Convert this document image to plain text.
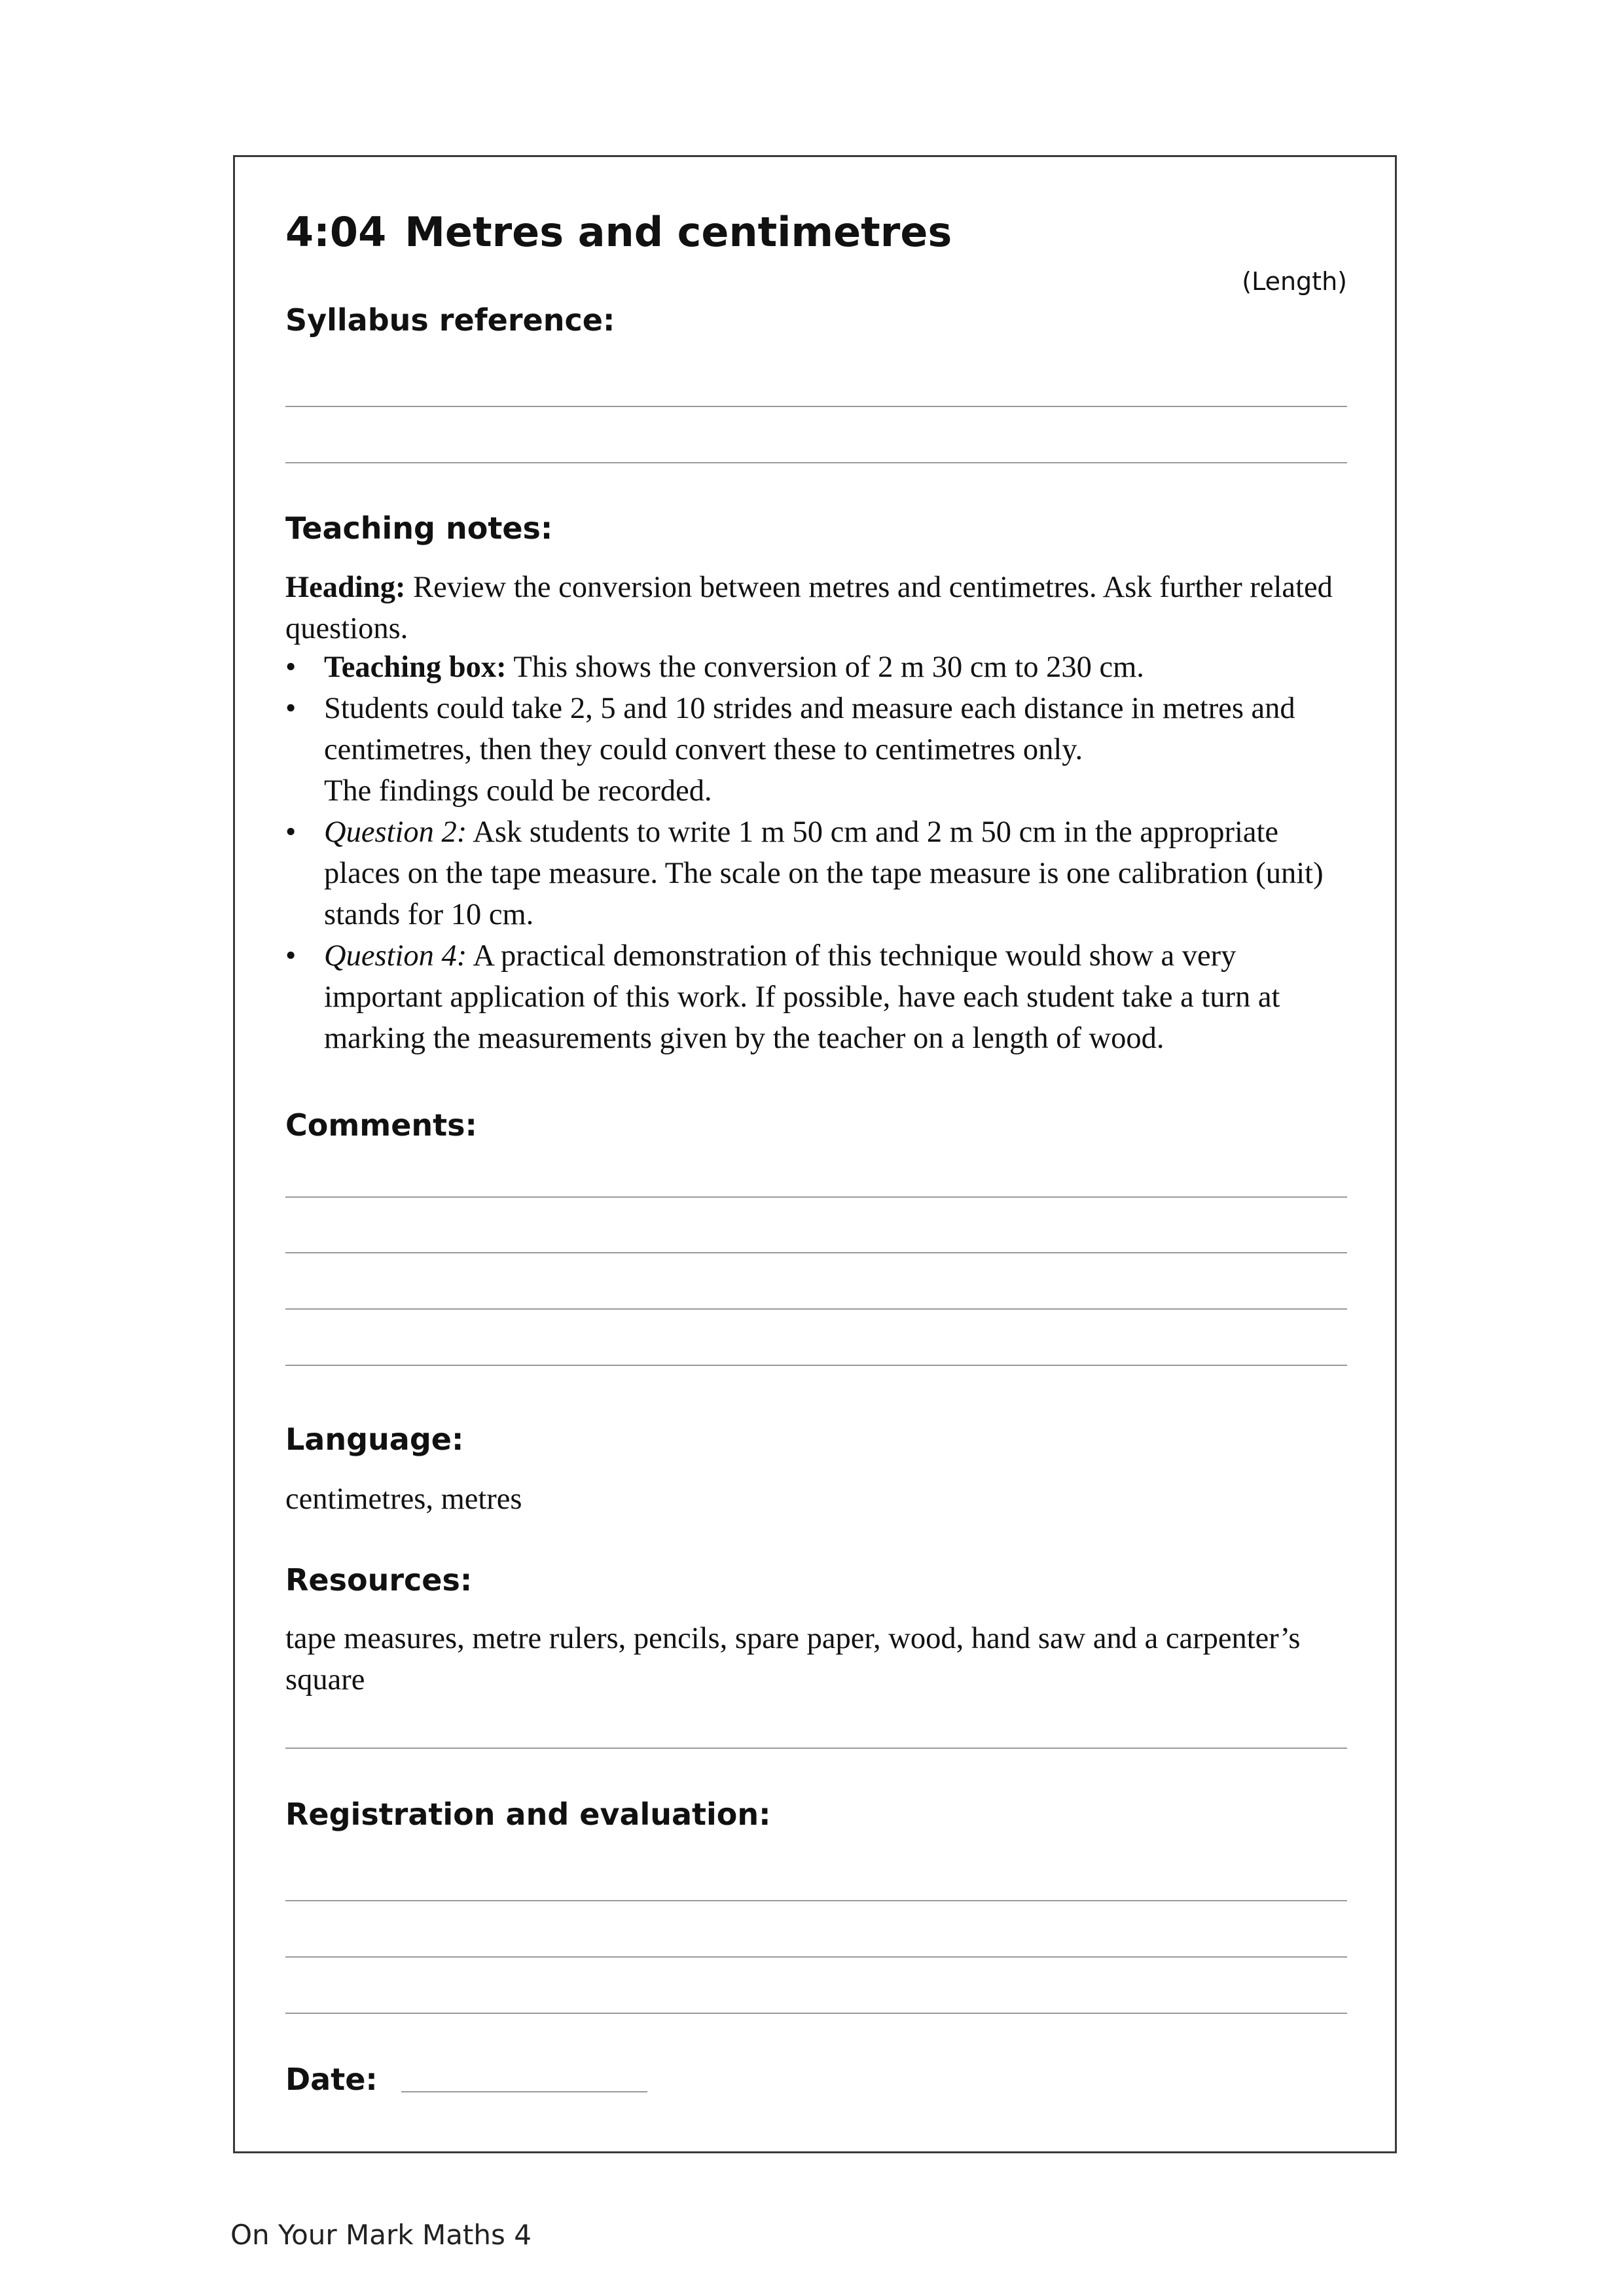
4:04 Metres and centimetres
(Length)
Syllabus reference:
Teaching notes:

Heading: Review the conversion between metres and centimetres. Ask further related questions.

• Teaching box: This shows the conversion of 2 m 30 cm to 230 cm.
• Students could take 2, 5 and 10 strides and measure each distance in metres and centimetres, then they could convert these to centimetres only.
The findings could be recorded.
• Question 2: Ask students to write 1 m 50 cm and 2 m 50 cm in the appropriate places on the tape measure. The scale on the tape measure is one calibration (unit) stands for 10 cm.
• Question 4: A practical demonstration of this technique would show a very important application of this work. If possible, have each student take a turn at marking the measurements given by the teacher on a length of wood.
Comments:
Language:

centimetres, metres

Resources:

tape measures, metre rulers, pencils, spare paper, wood, hand saw and a carpenter’s square

Registration and evaluation:
Date:
On Your Mark Maths 4
